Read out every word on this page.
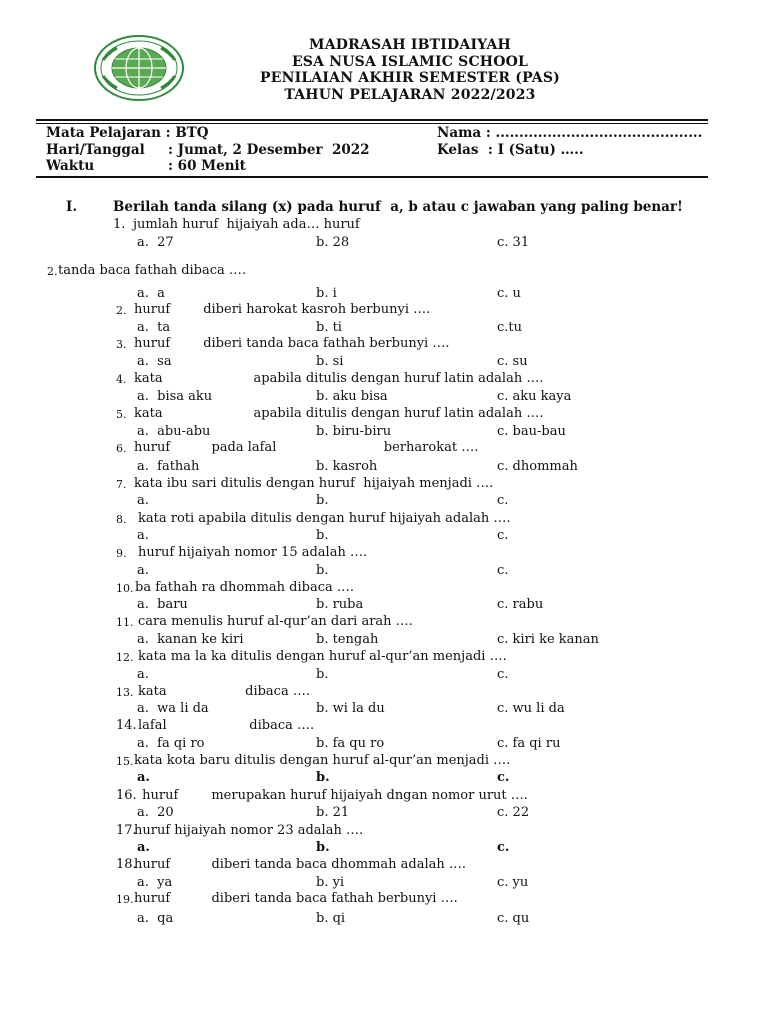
MADRASAH IBTIDAIYAH
ESA NUSA ISLAMIC SCHOOL
PENILAIAN AKHIR SEMESTER (PAS)
TAHUN PELAJARAN 2022/2023
Mata Pelajaran : BTQ
Hari/Tanggal : Jumat, 2 Desember  2022
Waktu	: 60 Menit
Nama : ............................................
Kelas  : I (Satu) …..
I.	Berilah tanda silang (x) pada huruf  a, b atau c jawaban yang paling benar!
1. jumlah huruf  hijaiyah ada… huruf
a.  27	b. 28	c. 31
2. tanda baca fathah dibaca ….
a.  a	b. i	c. u
2. huruf        diberi harokat kasroh berbunyi ….
a.  ta	b. ti	c.tu
3. huruf        diberi tanda baca fathah berbunyi ….
a.  sa	b. si	c. su
4. kata                      apabila ditulis dengan huruf latin adalah ….
a.  bisa aku	b. aku bisa	c. aku kaya
5. kata                      apabila ditulis dengan huruf latin adalah ….
a.  abu-abu	b. biru-biru	c. bau-bau
6. huruf          pada lafal                          berharokat ….
a.  fathah	b. kasroh	c. dhommah
7. kata ibu sari ditulis dengan huruf  hijaiyah menjadi ….
a.	b.	c.
8. kata roti apabila ditulis dengan huruf hijaiyah adalah ….
a.	b.	c.
9. huruf hijaiyah nomor 15 adalah ….
a.	b.	c.
10. ba fathah ra dhommah dibaca ….
a.  baru	b. ruba	c. rabu
11. cara menulis huruf al-qur’an dari arah ….
a.  kanan ke kiri	b. tengah	c. kiri ke kanan
12. kata ma la ka ditulis dengan huruf al-qur’an menjadi ….
a.	b.	c.
13. kata                   dibaca ….
a.  wa li da	b. wi la du	c. wu li da
14. lafal                    dibaca ….
a.  fa qi ro	b. fa qu ro	c. fa qi ru
15. kata kota baru ditulis dengan huruf al-qur’an menjadi ….
a.	b.	c.
16. huruf        merupakan huruf hijaiyah dngan nomor urut ….
a.  20	b. 21	c. 22
17.
huruf hijaiyah nomor 23 adalah ….
a.	b.	c.
18.
huruf          diberi tanda baca dhommah adalah ….
a.  ya	b. yi	c. yu
19. huruf          diberi tanda baca fathah berbunyi ….
a.  qa	b. qi	c. qu
